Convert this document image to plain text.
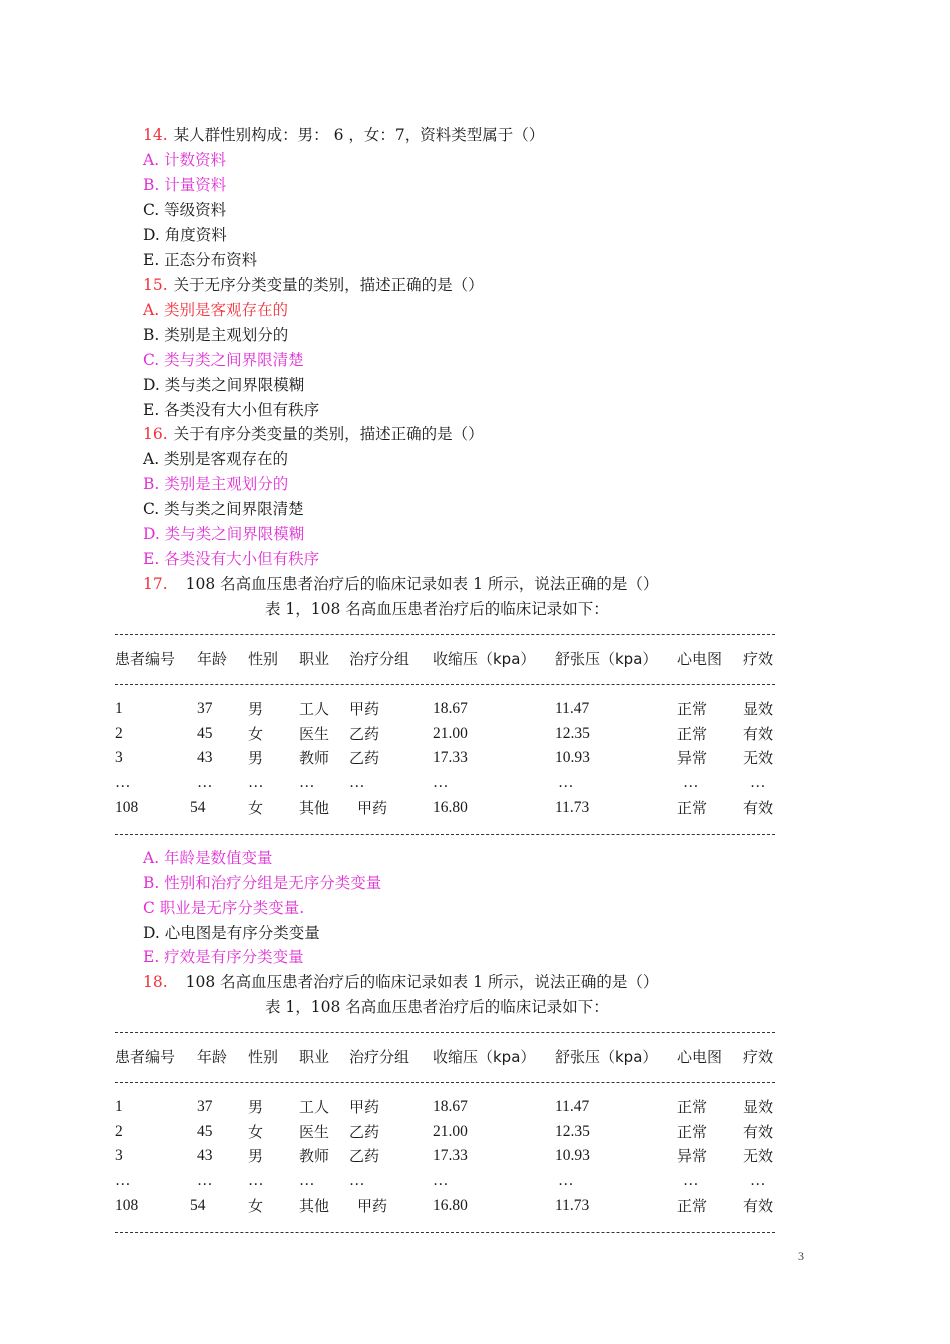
14. 某人群性别构成：男： 6 ，女：7，资料类型属于（）

A. 计数资料

B. 计量资料

C. 等级资料

D. 角度资料

E. 正态分布资料

15. 关于无序分类变量的类别，描述正确的是（）

A. 类别是客观存在的

B. 类别是主观划分的

C. 类与类之间界限清楚

D. 类与类之间界限模糊

E. 各类没有大小但有秩序

16. 关于有序分类变量的类别，描述正确的是（）

A. 类别是客观存在的

B. 类别是主观划分的

C. 类与类之间界限清楚

D. 类与类之间界限模糊

E. 各类没有大小但有秩序

17. 108 名高血压患者治疗后的临床记录如表 1 所示，说法正确的是（）

表 1，108 名高血压患者治疗后的临床记录如下：

患者编号 年龄 性别 职业 治疗分组 收缩压（kpa） 舒张压（kpa） 心电图 疗效
1	37 男 工人 甲药	18.67	11.47	正常 显效
2	45 女 医生 乙药	21.00	12.35	正常 有效
3	43 男 教师 乙药	17.33	10.93	异常 无效
…	… … … …	…	…	…	…
108	54	女 其他 甲药	16.80	11.73	正常 有效

A. 年龄是数值变量

B. 性别和治疗分组是无序分类变量

C 职业是无序分类变量.

D. 心电图是有序分类变量

E. 疗效是有序分类变量

18. 108 名高血压患者治疗后的临床记录如表 1 所示，说法正确的是（）

表 1，108 名高血压患者治疗后的临床记录如下：

患者编号 年龄 性别 职业 治疗分组 收缩压（kpa） 舒张压（kpa） 心电图 疗效
1	37 男 工人 甲药	18.67	11.47	正常 显效
2	45 女 医生 乙药	21.00	12.35	正常 有效
3	43 男 教师 乙药	17.33	10.93	异常 无效
…	… … … …	…	…	…	…
108	54	女 其他 甲药	16.80	11.73	正常 有效
3
